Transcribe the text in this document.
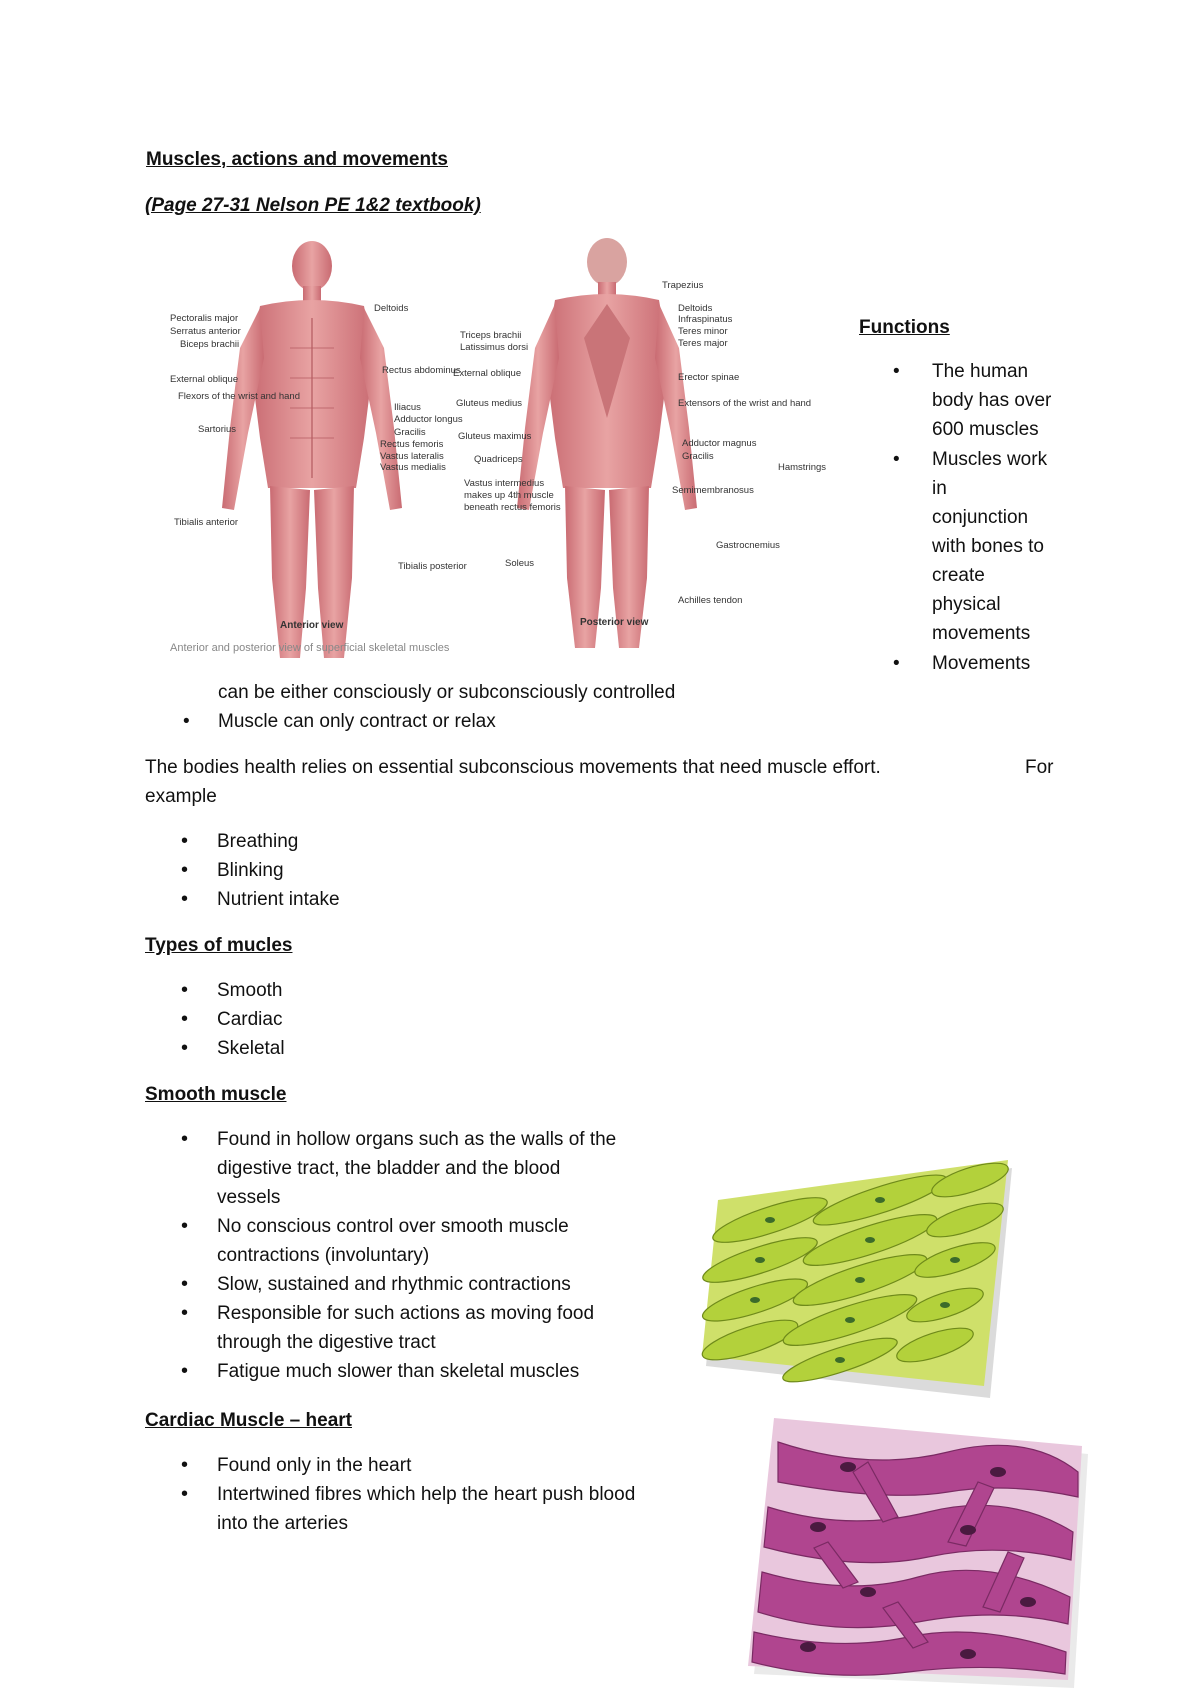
Muscles, actions and movements
(Page 27-31 Nelson PE 1&2 textbook)
Pectoralis major
Serratus anterior
Biceps brachii
External oblique
Flexors of the wrist and hand
Sartorius
Tibialis anterior
Deltoids
Rectus abdominus
Iliacus
Adductor longus
Gracilis
Rectus femoris
Vastus lateralis
Vastus medialis
Quadriceps
Tibialis posterior	Soleus
Anterior view
Trapezius
Deltoids
Infraspinatus
Teres minor
Teres major
Triceps brachii
Latissimus dorsi
External oblique
Gluteus medius
Gluteus maximus
Vastus intermedius makes up 4th muscle beneath rectus femoris
Erector spinae
Extensors of the wrist and hand
Adductor magnus
Gracilis
Hamstrings
Semimembranosus
Gastrocnemius
Achilles tendon
Posterior view
Anterior and posterior view of superficial skeletal muscles
Functions
• The human
body has over
600 muscles
• Muscles work
in
conjunction
with bones to
create
physical
movements
• Movements
can be either consciously or subconsciously controlled
• Muscle can only contract or relax
The bodies health relies on essential subconscious movements that need muscle effort.	For
example
• Breathing
• Blinking
• Nutrient intake
Types of mucles
• Smooth
• Cardiac
• Skeletal
Smooth muscle
• Found in hollow organs such as the walls of the
digestive tract, the bladder and the blood
vessels
• No conscious control over smooth muscle
contractions (involuntary)
• Slow, sustained and rhythmic contractions
• Responsible for such actions as moving food
through the digestive tract
• Fatigue much slower than skeletal muscles
Cardiac Muscle – heart
• Found only in the heart
• Intertwined fibres which help the heart push blood
into the arteries
